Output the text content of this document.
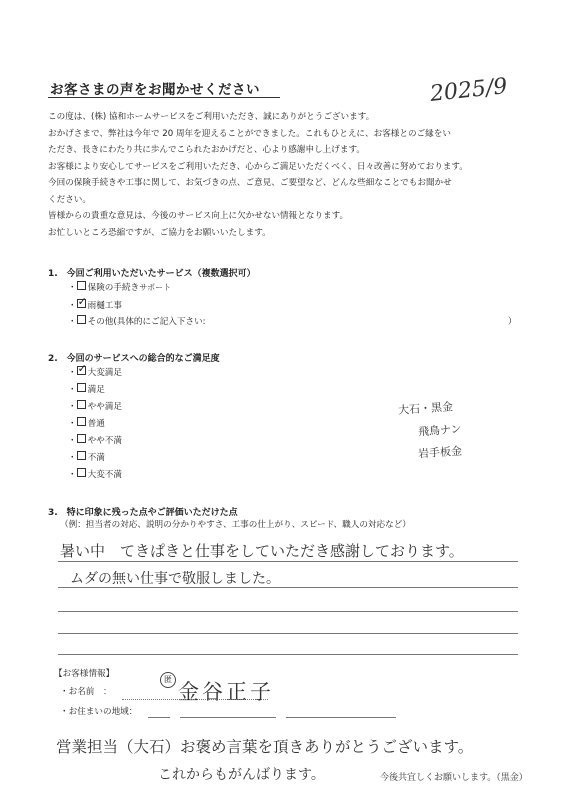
お客さまの声をお聞かせください	2025/9

この度は、(株) 協和ホームサービスをご利用いただき、誠にありがとうございます。

おかげさまで、弊社は今年で 20 周年を迎えることができました。これもひとえに、お客様とのご縁をい

ただき、長きにわたり共に歩んでこられたおかげだと、心より感謝申し上げます。

お客様により安心してサービスをご利用いただき、心からご満足いただくべく、日々改善に努めております。

今回の保険手続きや工事に関して、お気づきの点、ご意見、ご要望など、どんな些細なことでもお聞かせ

ください。

皆様からの貴重な意見は、今後のサービス向上に欠かせない情報となります。

お忙しいところ恐縮ですが、ご協力をお願いいたします。

1.　今回ご利用いただいたサービス（複数選択可）
・ 保険の手続きサポート
・ ✓ 雨樋工事
・ その他(具体的にご記入下さい:	）
2.　今回のサービスへの総合的なご満足度
・ ✓ 大変満足
・ 満足
・ やや満足
・ 普通
・ やや不満
・ 不満
・ 大変不満
大石・黒金
飛鳥ナン
岩手板金
3.　特に印象に残った点やご評価いただけた点
（例：担当者の対応、説明の分かりやすさ、工事の仕上がり、スピード、職人の対応など）
暑い中　てきぱきと仕事をしていただき感謝しております。
ムダの無い仕事で敬服しました。
【お客様情報】
・お名前　：
匿
金谷正子
・お住まいの地域：
営業担当（大石）お褒め言葉を頂きありがとうございます。
これからもがんばります。	今後共宜しくお願いします。（黒金）
